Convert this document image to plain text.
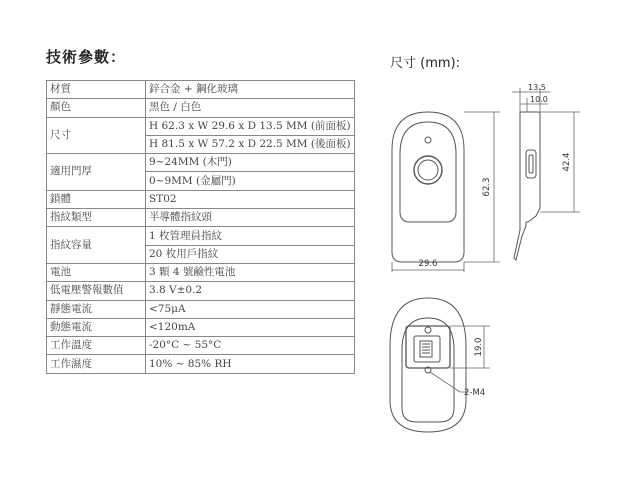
技術參數：	尺寸 (mm):
材質	鋅合金 + 鋼化玻璃
顏色	黑色 / 白色
尺寸	H 62.3 x W 29.6 x D 13.5 MM (前面板)
	H 81.5 x W 57.2 x D 22.5 MM (後面板)
適用門厚	9~24MM (木門)
	0~9MM (金屬門)
鎖體	ST02
指紋類型	半導體指紋頭
指紋容量	1 枚管理員指紋
	20 枚用戶指紋
電池	3 顆 4 號鹼性電池
低電壓警報數值	3.8 V±0.2
靜態電流	<75μA
動態電流	<120mA
工作溫度	-20°C ~ 55°C
工作濕度	10% ~ 85% RH
62.3
29.6
13.5
10.0
42.4
19.0
2-M4
